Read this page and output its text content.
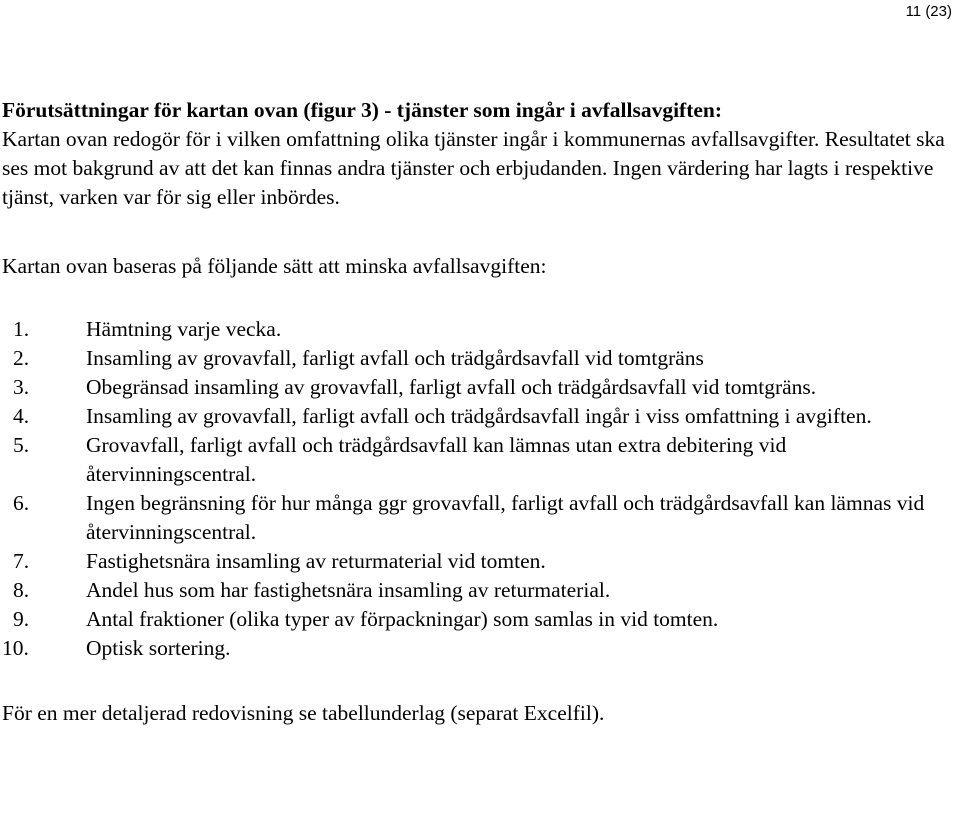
11 (23)

Förutsättningar för kartan ovan (figur 3) - tjänster som ingår i avfallsavgiften:

Kartan ovan redogör för i vilken omfattning olika tjänster ingår i kommunernas avfallsavgifter. Resultatet ska ses mot bakgrund av att det kan finnas andra tjänster och erbjudanden. Ingen värdering har lagts i respektive tjänst, varken var för sig eller inbördes.

Kartan ovan baseras på följande sätt att minska avfallsavgiften:

1.	Hämtning varje vecka.
2.	Insamling av grovavfall, farligt avfall och trädgårdsavfall vid tomtgräns
3.	Obegränsad insamling av grovavfall, farligt avfall och trädgårdsavfall vid tomtgräns.
4.	Insamling av grovavfall, farligt avfall och trädgårdsavfall ingår i viss omfattning i avgiften.
5.	Grovavfall, farligt avfall och trädgårdsavfall kan lämnas utan extra debitering vid återvinningscentral.
6.	Ingen begränsning för hur många ggr grovavfall, farligt avfall och trädgårdsavfall kan lämnas vid återvinningscentral.
7.	Fastighetsnära insamling av returmaterial vid tomten.
8.	Andel hus som har fastighetsnära insamling av returmaterial.
9.	Antal fraktioner (olika typer av förpackningar) som samlas in vid tomten.
10.	Optisk sortering.

För en mer detaljerad redovisning se tabellunderlag (separat Excelfil).
